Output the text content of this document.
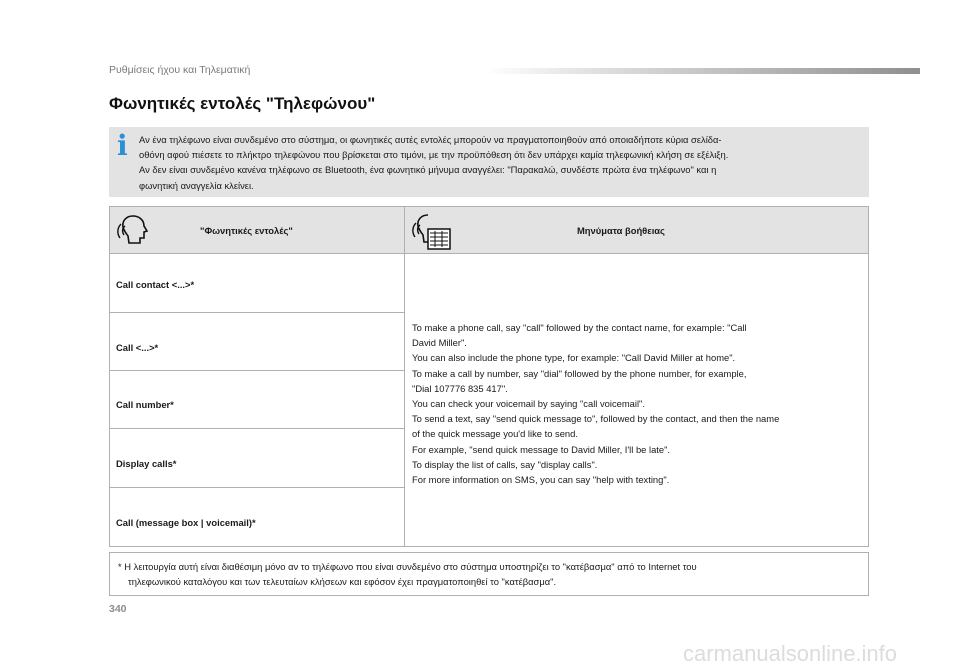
Ρυθμίσεις ήχου και Τηλεματική
Φωνητικές εντολές "Τηλεφώνου"
i Αν ένα τηλέφωνο είναι συνδεμένο στο σύστημα, οι φωνητικές αυτές εντολές μπορούν να πραγματοποιηθούν από οποιαδήποτε κύρια σελίδα-
οθόνη αφού πιέσετε το πλήκτρο τηλεφώνου που βρίσκεται στο τιμόνι, με την προϋπόθεση ότι δεν υπάρχει καμία τηλεφωνική κλήση σε εξέλιξη.
Αν δεν είναι συνδεμένο κανένα τηλέφωνο σε Bluetooth, ένα φωνητικό μήνυμα αναγγέλει: "Παρακαλώ, συνδέστε πρώτα ένα τηλέφωνο" και η
φωνητική αναγγελία κλείνει.
"Φωνητικές εντολές"	Μηνύματα βοήθειας
Call contact <...>*
Call <...>*
Call number*
Display calls*
Call (message box | voicemail)*
To make a phone call, say "call" followed by the contact name, for example: "Call
David Miller".
You can also include the phone type, for example: "Call David Miller at home".
To make a call by number, say "dial" followed by the phone number, for example,
"Dial 107776 835 417".
You can check your voicemail by saying "call voicemail".
To send a text, say "send quick message to", followed by the contact, and then the name
of the quick message you'd like to send.
For example, "send quick message to David Miller, I'll be late".
To display the list of calls, say "display calls".
For more information on SMS, you can say "help with texting".
* Η λειτουργία αυτή είναι διαθέσιμη μόνο αν το τηλέφωνο που είναι συνδεμένο στο σύστημα υποστηρίζει το "κατέβασμα" από το Internet του
τηλεφωνικού καταλόγου και των τελευταίων κλήσεων και εφόσον έχει πραγματοποιηθεί το "κατέβασμα".
340
carmanualsonline.info
